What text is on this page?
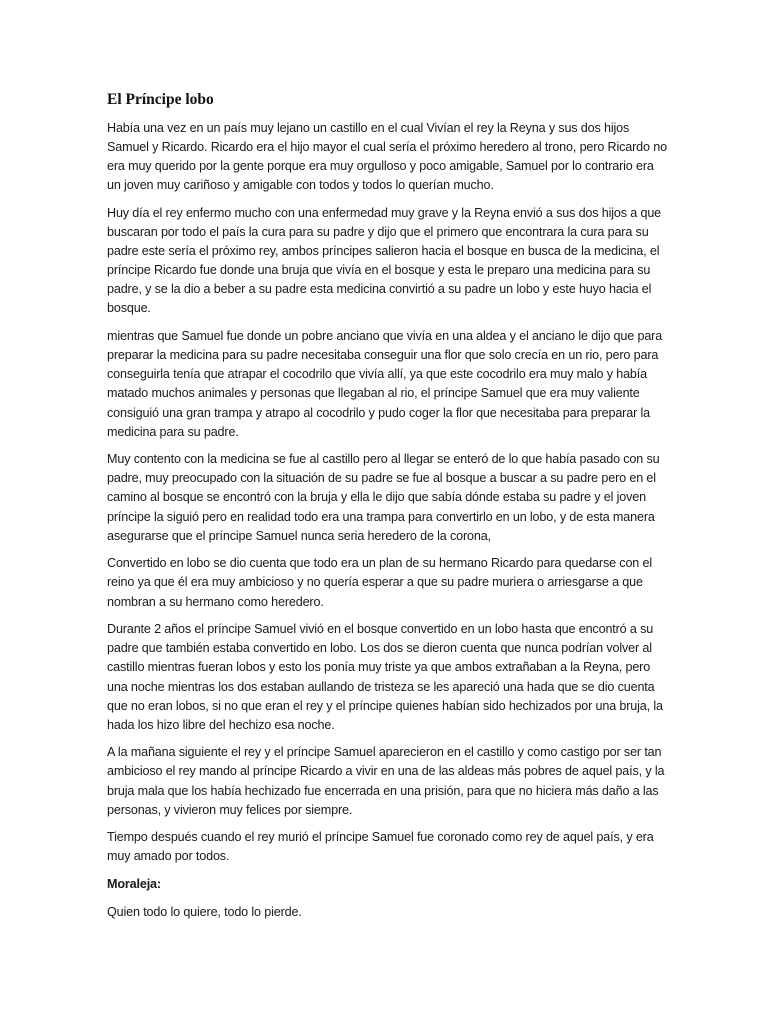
El Príncipe lobo

Había una vez en un país muy lejano un castillo en el cual Vivían el rey la Reyna y sus dos hijos Samuel y Ricardo. Ricardo era el hijo mayor el cual sería el próximo heredero al trono, pero Ricardo no era muy querido por la gente porque era muy orgulloso y poco amigable, Samuel por lo contrario era un joven muy cariñoso y amigable con todos y todos lo querían mucho.

Huy día el rey enfermo mucho con una enfermedad muy grave y la Reyna envió a sus dos hijos a que buscaran por todo el país la cura para su padre y dijo que el primero que encontrara la cura para su padre este sería el próximo rey, ambos príncipes salieron hacia el bosque en busca de la medicina, el príncipe Ricardo fue donde una bruja que vivía en el bosque y esta le preparo una medicina para su padre, y se la dio a beber a su padre esta medicina convirtió a su padre un lobo y este huyo hacia el bosque.

mientras que Samuel fue donde un pobre anciano que vivía en una aldea y el anciano le dijo que para preparar la medicina para su padre necesitaba conseguir una flor que solo crecía en un rio, pero para conseguirla tenía que atrapar el cocodrilo que vivía allí, ya que este cocodrilo era muy malo y había matado muchos animales y personas que llegaban al rio, el príncipe Samuel que era muy valiente consiguió una gran trampa y atrapo al cocodrilo y pudo coger la flor que necesitaba para preparar la medicina para su padre.

Muy contento con la medicina se fue al castillo pero al llegar se enteró de lo que había pasado con su padre, muy preocupado con la situación de su padre se fue al bosque a buscar a su padre pero en el camino al bosque se encontró con la bruja y ella le dijo que sabía dónde estaba su padre y el joven príncipe la siguió pero en realidad todo era una trampa para convertirlo en un lobo, y de esta manera asegurarse que el príncipe Samuel nunca seria heredero de la corona,

Convertido en lobo se dio cuenta que todo era un plan de su hermano Ricardo para quedarse con el reino ya que él era muy ambicioso y no quería esperar a que su padre muriera o arriesgarse a que nombran a su hermano como heredero.

Durante 2 años el príncipe Samuel vivió en el bosque convertido en un lobo hasta que encontró a su padre que también estaba convertido en lobo. Los dos se dieron cuenta que nunca podrían volver al castillo mientras fueran lobos y esto los ponía muy triste ya que ambos extrañaban a la Reyna, pero una noche mientras los dos estaban aullando de tristeza se les apareció una hada que se dio cuenta que no eran lobos, si no que eran el rey y el príncipe quienes habían sido hechizados por una bruja, la hada los hizo libre del hechizo esa noche.

A la mañana siguiente el rey y el príncipe Samuel aparecieron en el castillo y como castigo por ser tan ambicioso el rey mando al príncipe Ricardo a vivir en una de las aldeas más pobres de aquel país, y la bruja mala que los había hechizado fue encerrada en una prisión, para que no hiciera más daño a las personas, y vivieron muy felices por siempre.

Tiempo después cuando el rey murió el príncipe Samuel fue coronado como rey de aquel país, y era muy amado por todos.

Moraleja:

Quien todo lo quiere, todo lo pierde.
